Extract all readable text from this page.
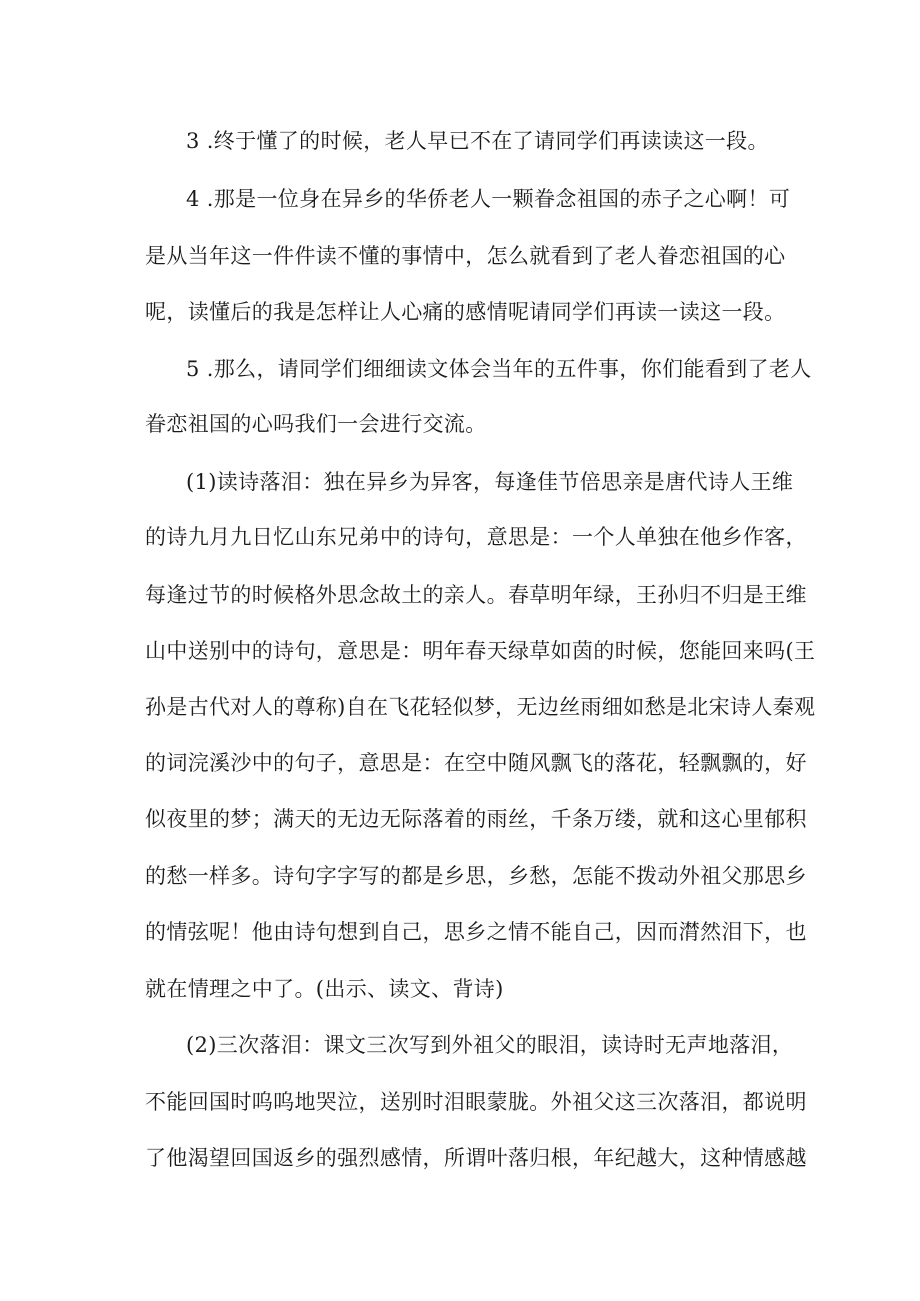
3 .终于懂了的时候，老人早已不在了请同学们再读读这一段。
4 .那是一位身在异乡的华侨老人一颗眷念祖国的赤子之心啊！可
是从当年这一件件读不懂的事情中，怎么就看到了老人眷恋祖国的心
呢，读懂后的我是怎样让人心痛的感情呢请同学们再读一读这一段。
5 .那么，请同学们细细读文体会当年的五件事，你们能看到了老人
眷恋祖国的心吗我们一会进行交流。
(1)读诗落泪：独在异乡为异客，每逢佳节倍思亲是唐代诗人王维
的诗九月九日忆山东兄弟中的诗句，意思是：一个人单独在他乡作客，
每逢过节的时候格外思念故土的亲人。春草明年绿，王孙归不归是王维
山中送别中的诗句，意思是：明年春天绿草如茵的时候，您能回来吗(王
孙是古代对人的尊称)自在飞花轻似梦，无边丝雨细如愁是北宋诗人秦观
的词浣溪沙中的句子，意思是：在空中随风飘飞的落花，轻飘飘的，好
似夜里的梦；满天的无边无际落着的雨丝，千条万缕，就和这心里郁积
的愁一样多。诗句字字写的都是乡思，乡愁，怎能不拨动外祖父那思乡
的情弦呢！他由诗句想到自己，思乡之情不能自己，因而潸然泪下，也
就在情理之中了。(出示、读文、背诗)
(2)三次落泪：课文三次写到外祖父的眼泪，读诗时无声地落泪，
不能回国时呜呜地哭泣，送别时泪眼蒙胧。外祖父这三次落泪，都说明
了他渴望回国返乡的强烈感情，所谓叶落归根，年纪越大，这种情感越
